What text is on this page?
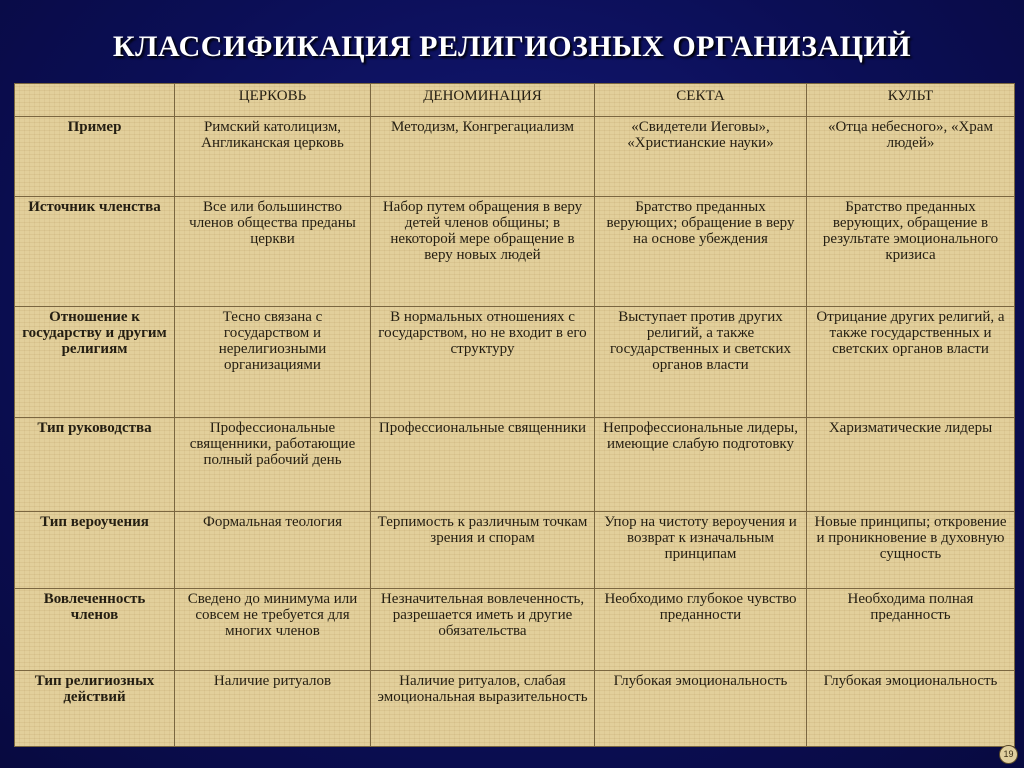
КЛАССИФИКАЦИЯ РЕЛИГИОЗНЫХ ОРГАНИЗАЦИЙ
	ЦЕРКОВЬ	ДЕНОМИНАЦИЯ	СЕКТА	КУЛЬТ
Пример	Римский католицизм, Англиканская церковь	Методизм, Конгрегациализм	«Свидетели Иеговы», «Христианские науки»	«Отца небесного», «Храм людей»
Источник членства	Все или большинство членов общества преданы церкви	Набор путем обращения в веру детей членов общины; в некоторой мере обращение в веру новых людей	Братство преданных верующих; обращение в веру на основе убеждения	Братство преданных верующих, обращение в результате эмоционального кризиса
Отношение к государству и другим религиям	Тесно связана с государством и нерелигиозными организациями	В нормальных отношениях с государством, но не входит в его структуру	Выступает против других религий, а также государственных и светских органов власти	Отрицание других религий, а также государственных и светских органов власти
Тип руководства	Профессиональные священники, работающие полный рабочий день	Профессиональные священники	Непрофессиональные лидеры, имеющие слабую подготовку	Харизматические лидеры
Тип вероучения	Формальная теология	Терпимость к различным точкам зрения и спорам	Упор на чистоту вероучения и возврат к изначальным принципам	Новые принципы; откровение и проникновение в духовную сущность
Вовлеченность членов	Сведено до минимума или совсем не требуется для многих членов	Незначительная вовлеченность, разрешается иметь и другие обязательства	Необходимо глубокое чувство преданности	Необходима полная преданность
Тип религиозных действий	Наличие ритуалов	Наличие ритуалов, слабая эмоциональная выразительность	Глубокая эмоциональность	Глубокая эмоциональность
19
